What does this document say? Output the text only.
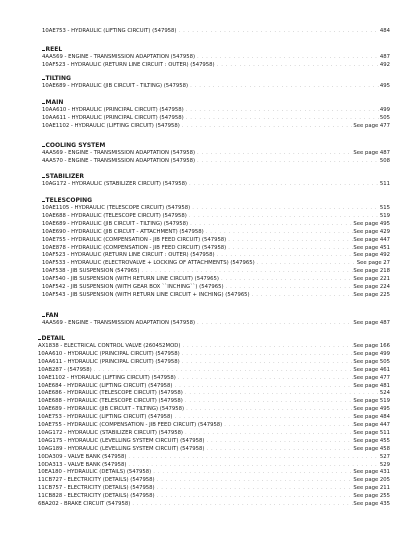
10AE753 - HYDRAULIC (LIFTING CIRCUIT) (547958) . . .	484
REEL
4AA569 - ENGINE - TRANSMISSION ADAPTATION (547958) . . .	487
10AF523 - HYDRAULIC (RETURN LINE CIRCUIT : OUTER) (547958) . . .	492
TILTING
10AE689 - HYDRAULIC (JIB CIRCUIT - TILTING) (547958) . . .	495
MAIN
10AA610 - HYDRAULIC (PRINCIPAL CIRCUIT) (547958) . . .	499
10AA611 - HYDRAULIC (PRINCIPAL CIRCUIT) (547958) . . .	505
10AE1102 - HYDRAULIC (LIFTING CIRCUIT) (547958) . . .	See page 477
COOLING SYSTEM
4AA569 - ENGINE - TRANSMISSION ADAPTATION (547958) . . .	See page 487
4AA570 - ENGINE - TRANSMISSION ADAPTATION (547958) . . .	508
STABILIZER
10AG172 - HYDRAULIC (STABILIZER CIRCUIT) (547958) . . .	511
TELESCOPING
10AE1105 - HYDRAULIC (TELESCOPE CIRCUIT) (547958) . . .	515
10AE688 - HYDRAULIC (TELESCOPE CIRCUIT) (547958) . . .	519
10AE689 - HYDRAULIC (JIB CIRCUIT - TILTING) (547958) . . .	See page 495
10AE690 - HYDRAULIC (JIB CIRCUIT - ATTACHMENT) (547958) . . .	See page 429
10AE755 - HYDRAULIC (COMPENSATION - JIB FEED CIRCUIT) (547958) . . .	See page 447
10AE878 - HYDRAULIC (COMPENSATION - JIB FEED CIRCUIT) (547958) . . .	See page 451
10AF523 - HYDRAULIC (RETURN LINE CIRCUIT : OUTER) (547958) . . .	See page 492
10AF533 - HYDRAULIC (ELECTROVALVE + LOCKING OF ATTACHMENTS) (547965) . . .	See page 27
10AF538 - JIB SUSPENSION (547965) . . .	See page 218
10AF540 - JIB SUSPENSION (WITH RETURN LINE CIRCUIT) (547965) . . .	See page 221
10AF542 - JIB SUSPENSION (WITH GEAR BOX ``INCHING``) (547965) . . .	See page 224
10AF543 - JIB SUSPENSION (WITH RETURN LINE CIRCUIT + INCHING) (547965) . . .	See page 225
FAN
4AA569 - ENGINE - TRANSMISSION ADAPTATION (547958) . . .	See page 487
DETAIL
AX1838 - ELECTRICAL CONTROL VALVE (260452MOD) . . .	See page 166
10AA610 - HYDRAULIC (PRINCIPAL CIRCUIT) (547958) . . .	See page 499
10AA611 - HYDRAULIC (PRINCIPAL CIRCUIT) (547958) . . .	See page 505
10AB287 - (547958) . . .	See page 461
10AE1102 - HYDRAULIC (LIFTING CIRCUIT) (547958) . . .	See page 477
10AE684 - HYDRAULIC (LIFTING CIRCUIT) (547958) . . .	See page 481
10AE686 - HYDRAULIC (TELESCOPE CIRCUIT) (547958) . . .	524
10AE688 - HYDRAULIC (TELESCOPE CIRCUIT) (547958) . . .	See page 519
10AE689 - HYDRAULIC (JIB CIRCUIT - TILTING) (547958) . . .	See page 495
10AE753 - HYDRAULIC (LIFTING CIRCUIT) (547958) . . .	See page 484
10AE755 - HYDRAULIC (COMPENSATION - JIB FEED CIRCUIT) (547958) . . .	See page 447
10AG172 - HYDRAULIC (STABILIZER CIRCUIT) (547958) . . .	See page 511
10AG175 - HYDRAULIC (LEVELLING SYSTEM CIRCUIT) (547958) . . .	See page 455
10AG189 - HYDRAULIC (LEVELLING SYSTEM CIRCUIT) (547958) . . .	See page 458
10DA309 - VALVE BANK (547958) . . .	527
10DA313 - VALVE BANK (547958) . . .	529
10EA180 - HYDRAULIC (DETAILS) (547958) . . .	See page 431
11CB727 - ELECTRICITY (DETAILS) (547958) . . .	See page 205
11CB757 - ELECTRICITY (DETAILS) (547958) . . .	See page 211
11CB828 - ELECTRICITY (DETAILS) (547958) . . .	See page 255
6BA202 - BRAKE CIRCUIT (547958) . . .	See page 435
